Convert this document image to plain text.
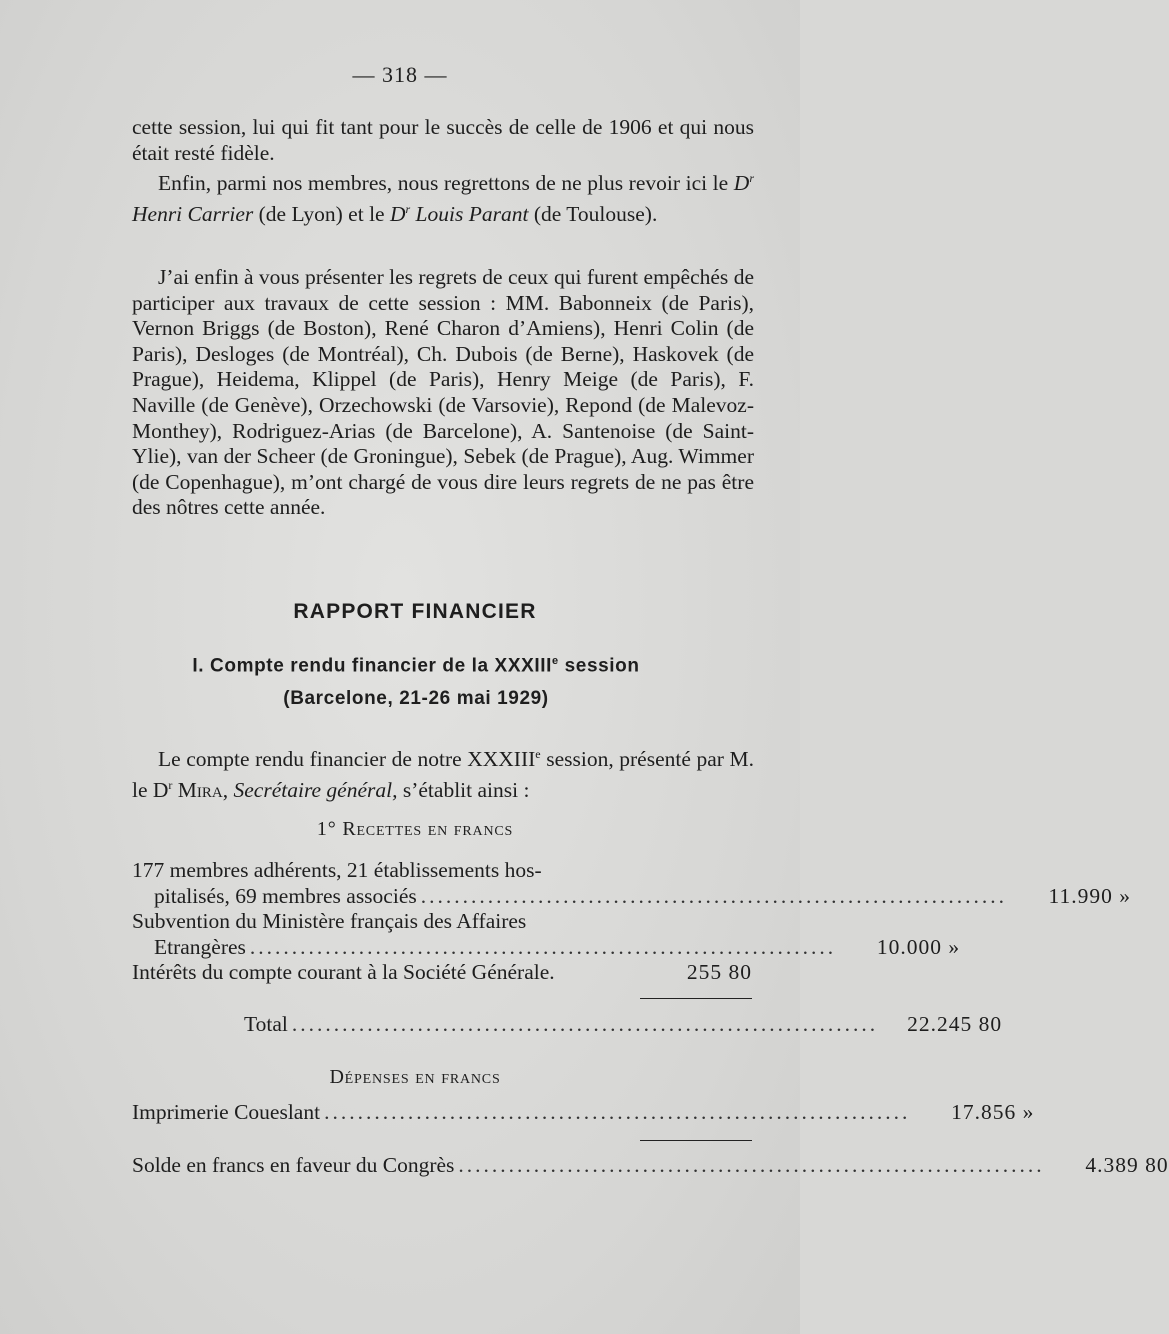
— 318 —

cette session, lui qui fit tant pour le succès de celle de 1906 et qui nous était resté fidèle.

Enfin, parmi nos membres, nous regrettons de ne plus revoir ici le $D^r$ Henri Carrier (de Lyon) et le $D^r$ Louis Parant (de Toulouse).

J’ai enfin à vous présenter les regrets de ceux qui furent empêchés de participer aux travaux de cette session : MM. Babonneix (de Paris), Vernon Briggs (de Boston), René Charon d’Amiens), Henri Colin (de Paris), Desloges (de Montréal), Ch. Dubois (de Berne), Haskovek (de Prague), Heidema, Klippel (de Paris), Henry Meige (de Paris), F. Naville (de Genève), Orzechowski (de Varsovie), Repond (de Malevoz-Monthey), Rodriguez-Arias (de Barcelone), A. Santenoise (de Saint-Ylie), van der Scheer (de Groningue), Sebek (de Prague), Aug. Wimmer (de Copenhague), m’ont chargé de vous dire leurs regrets de ne pas être des nôtres cette année.

RAPPORT FINANCIER
I. Compte rendu financier de la XXXIIIe session
(Barcelone, 21-26 mai 1929)

Le compte rendu financier de notre XXXIIIe session, présenté par M. le $D^r$ Mira, Secrétaire général, s’établit ainsi :

1° Recettes en francs
177 membres adhérents, 21 établissements hos-
pitalisés, 69 membres associés ......................................................................	11.990 »
Subvention du Ministère français des Affaires
Etrangères ......................................................................	10.000 »
Intérêts du compte courant à la Société Générale.	255 80
Total ......................................................................	22.245 80
Dépenses en francs
Imprimerie Coueslant ......................................................................	17.856 »
Solde en francs en faveur du Congrès ......................................................................	4.389 80
